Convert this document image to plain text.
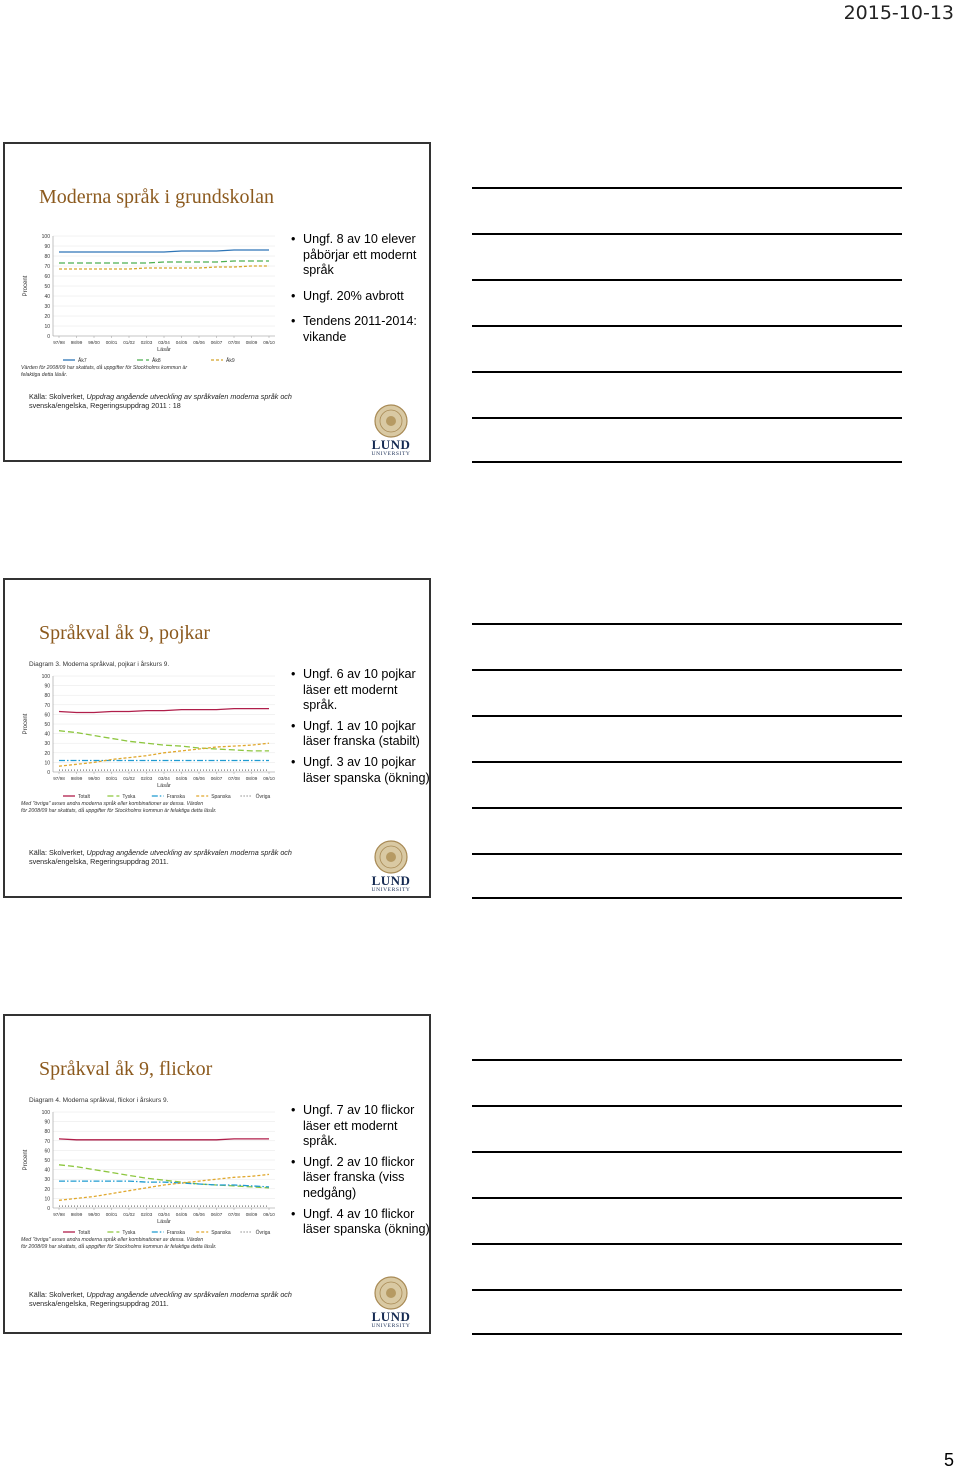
2015-10-13
Moderna språk i grundskolan
Procent
0
10
20
30
40
50
60
70
80
90
100
97/98 98/99 99/00 00/01 01/02 02/03 03/04 04/05 05/06 06/07 07/08 08/09 09/10
Läsår
Åk7	Åk8	Åk9
Värden för 2008/09 har skattats, då uppgifter för Stockholms kommun är
felaktiga detta läsår.
• Ungf. 8 av 10 elever påbörjar ett modernt språk
• Ungf. 20% avbrott
• Tendens 2011-2014: vikande
Källa: Skolverket, Uppdrag angående utveckling av språkvalen moderna språk och
svenska/engelska, Regeringsuppdrag 2011 : 18
LUND
UNIVERSITY
Språkval åk 9, pojkar
Diagram 3. Moderna språkval, pojkar i årskurs 9.
Procent
0
10
20
30
40
50
60
70
80
90
100
97/98 98/99 99/00 00/01 01/02 02/03 03/04 04/05 05/06 06/07 07/08 08/09 09/10
Läsår
Totalt	Tyska	Franska	Spanska	Övriga
Med "övriga" avses andra moderna språk eller kombinationer av dessa. Värden
för 2008/09 har skattats, då uppgifter för Stockholms kommun är felaktiga detta läsår.
• Ungf. 6 av 10 pojkar läser ett modernt språk.
• Ungf. 1 av 10 pojkar läser franska (stabilt)
• Ungf. 3 av 10 pojkar läser spanska (ökning)
Källa: Skolverket, Uppdrag angående utveckling av språkvalen moderna språk och
svenska/engelska, Regeringsuppdrag 2011.
LUND
UNIVERSITY
Språkval åk 9, flickor
Diagram 4. Moderna språkval, flickor i årskurs 9.
Procent
0
10
20
30
40
50
60
70
80
90
100
97/98 98/99 99/00 00/01 01/02 02/03 03/04 04/05 05/06 06/07 07/08 08/09 09/10
Läsår
Totalt	Tyska	Franska	Spanska	Övriga
Med "övriga" avses andra moderna språk eller kombinationer av dessa. Värden
för 2008/09 har skattats, då uppgifter för Stockholms kommun är felaktiga detta läsår.
• Ungf. 7 av 10 flickor läser ett modernt språk.
• Ungf. 2 av 10 flickor läser franska (viss nedgång)
• Ungf. 4 av 10 flickor läser spanska (ökning)
Källa: Skolverket, Uppdrag angående utveckling av språkvalen moderna språk och
svenska/engelska, Regeringsuppdrag 2011.
LUND
UNIVERSITY
5
